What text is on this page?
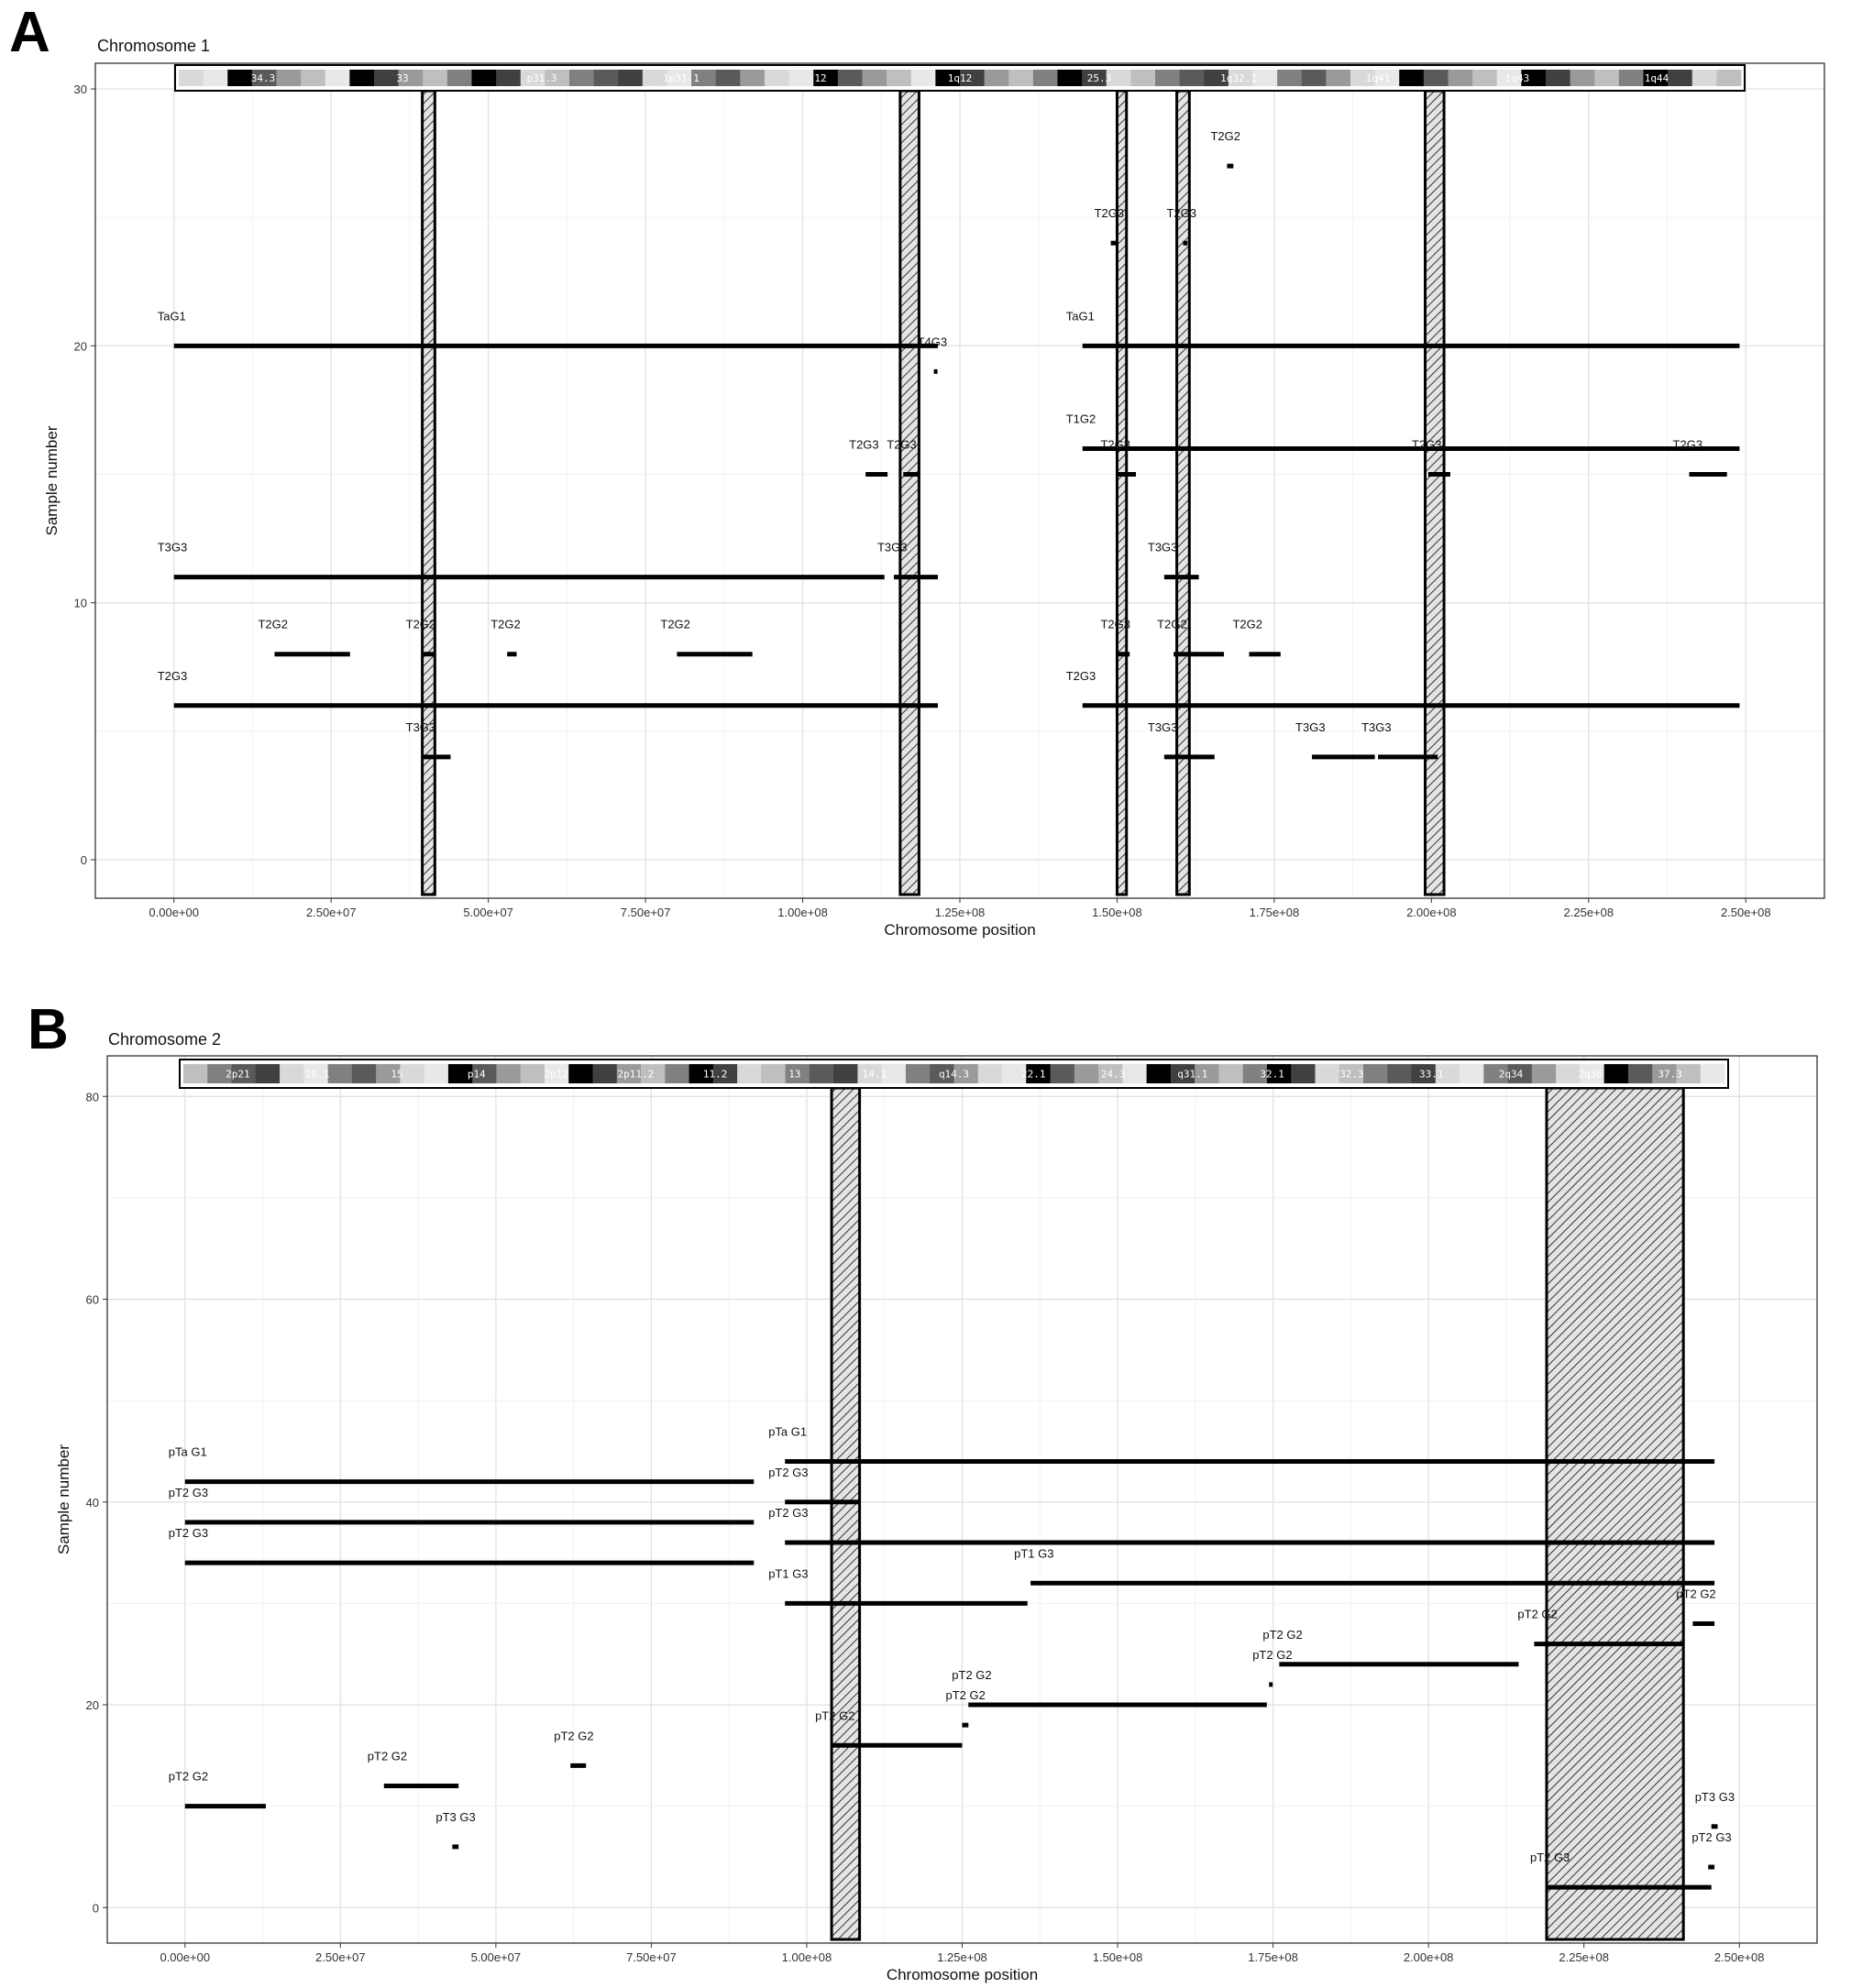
A	Chromosome 1
B Chromosome 2
34.3	33	p31.3	1p31.1	12	1q12	25.3	1q32.1	1q41	1q43	1q44
TaG1
T4G3
TaG1
T1G2
T2G3 T2G3	T2G3	T2G3	T2G3
T3G3	T3G3	T3G3
T2G2	T2G2	T2G2	T2G2
T2G3	T2G3
T2G3 T2G2	T2G2
T3G3	T3G3	T3G3	T3G3
T2G2
T2G3	T2G3
0.00e+00	2.50e+07	5.00e+07	7.50e+07	1.00e+08	1.25e+08	1.50e+08	1.75e+08	2.00e+08	2.25e+08	2.50e+08
0
10
20
30
Chromosome position
Sample number
2p21	16.1	15	p14	2p12	2p11.2	11.2	13	14.1	q14.3	22.1	24.3	q31.1	32.1	32.3	33.1	2q34	2q36	37.3
pTa G1
pTa G1
pT2 G3
pT2 G3
pT2 G3
pT2 G3
pT1 G3
pT1 G3
pT2 G2
pT2 G2
pT2 G2
pT2 G2
pT2 G2
pT2 G2
pT2 G2
pT2 G2
pT2 G2
pT2 G2
pT3 G3
pT3 G3
pT2 G3
pT2 G3
0.00e+00	2.50e+07	5.00e+07	7.50e+07	1.00e+08	1.25e+08	1.50e+08	1.75e+08	2.00e+08	2.25e+08	2.50e+08
0
20
40
60
80
Chromosome position
Sample number
